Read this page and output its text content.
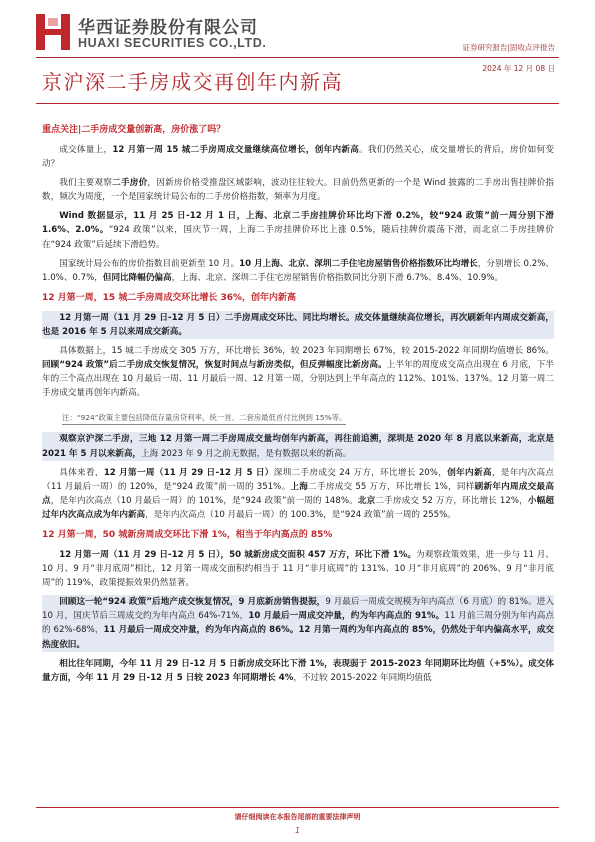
华西证券股份有限公司
HUAXI SECURITIES CO.,LTD.	证券研究报告|固收点评报告
2024 年 12 月 08 日
京沪深二手房成交再创年内新高
重点关注|二手房成交量创新高，房价涨了吗？

成交体量上，12 月第一周 15 城二手房周成交量继续高位增长，创年内新高。我们仍然关心，成交量增长的背后，房价如何变动？

我们主要观察二手房价，因新房价格受推盘区域影响，波动往往较大。目前仍然更新的一个是 Wind 披露的二手房出售挂牌价指数，频次为周度，一个是国家统计局公布的二手房价格指数，频率为月度。

Wind 数据显示，11 月 25 日-12 月 1 日，上海、北京二手房挂牌价环比均下滑 0.2%，较“924 政策”前一周分别下滑 1.6%、2.0%。“924 政策”以来，国庆节一周，上海二手房挂牌价环比上涨 0.5%，随后挂牌价震荡下滑，而北京二手房挂牌价在“924 政策”后延续下滑趋势。

国家统计局公布的房价指数目前更新至 10 月。10 月上海、北京、深圳二手住宅房屋销售价格指数环比均增长，分别增长 0.2%、1.0%、0.7%，但同比降幅仍偏高，上海、北京、深圳二手住宅房屋销售价格指数同比分别下滑 6.7%、8.4%、10.9%。

12 月第一周，15 城二手房周成交环比增长 36%，创年内新高

12 月第一周（11 月 29 日-12 月 5 日）二手房周成交环比、同比均增长。成交体量继续高位增长，再次刷新年内周成交新高，也是 2016 年 5 月以来周成交新高。

具体数据上，15 城二手房成交 305 万方，环比增长 36%，较 2023 年同期增长 67%，较 2015-2022 年同期均值增长 86%。回顾“924 政策”后二手房成交恢复情况，恢复时间点与新房类似，但反弹幅度比新房高。上半年的周度成交高点出现在 6 月底，下半年的三个高点出现在 10 月最后一周、11 月最后一周、12 月第一周，分别达到上半年高点的 112%、101%、137%。12 月第一周二手房成交量再创年内新高。

注：“924”政策主要包括降低存量房贷利率，统一首、二套房最低首付比例到 15%等。

观察京沪深二手房，三地 12 月第一周二手房周成交量均创年内新高，再往前追溯，深圳是 2020 年 8 月底以来新高，北京是 2021 年 5 月以来新高，上海 2023 年 9 月之前无数据，是有数据以来的新高。

具体来看，12 月第一周（11 月 29 日-12 月 5 日）深圳二手房成交 24 万方，环比增长 20%，创年内新高，是年内次高点（11 月最后一周）的 120%，是“924 政策”前一周的 351%。上海二手房成交 55 万方，环比增长 1%，同样刷新年内周成交最高点，是年内次高点（10 月最后一周）的 101%，是“924 政策”前一周的 148%。北京二手房成交 52 万方，环比增长 12%，小幅超过年内次高点成为年内新高，是年内次高点（10 月最后一周）的 100.3%，是“924 政策”前一周的 255%。

12 月第一周，50 城新房周成交环比下滑 1%，相当于年内高点的 85%

12 月第一周（11 月 29 日-12 月 5 日），50 城新房成交面积 457 万方，环比下滑 1%。为观察政策效果，进一步与 11 月、10 月、9 月“非月底周”相比，12 月第一周成交面积约相当于 11 月“非月底周”的 131%、10 月“非月底周”的 206%、9 月“非月底周”的 119%，政策提振效果仍然显著。

回顾这一轮“924 政策”后地产成交恢复情况，9 月底新房销售提振，9 月最后一周成交规模为年内高点（6 月底）的 81%。进入 10 月，国庆节后三周成交约为年内高点 64%-71%，10 月最后一周成交冲量，约为年内高点的 91%。11 月前三周分别为年内高点的 62%-68%，11 月最后一周成交冲量，约为年内高点的 86%。12 月第一周约为年内高点的 85%，仍然处于年内偏高水平，成交热度依旧。

相比往年同期，今年 11 月 29 日-12 月 5 日新房成交环比下滑 1%，表现弱于 2015-2023 年同期环比均值（+5%）。成交体量方面，今年 11 月 29 日-12 月 5 日较 2023 年同期增长 4%，不过较 2015-2022 年同期均值低

请仔细阅读在本报告尾部的重要法律声明
1
